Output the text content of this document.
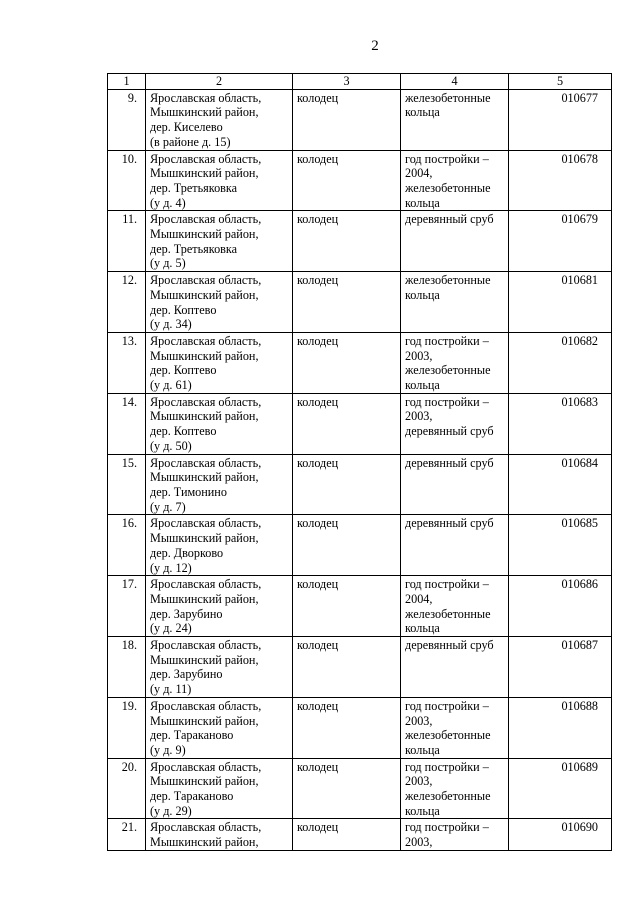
2
1	2	3	4	5
9.	Ярославская область,
Мышкинский район,
дер. Киселево
(в районе д. 15)	колодец	железобетонные
кольца	010677
10.	Ярославская область,
Мышкинский район,
дер. Третьяковка
(у д. 4)	колодец	год постройки –
2004,
железобетонные
кольца	010678
11.	Ярославская область,
Мышкинский район,
дер. Третьяковка
(у д. 5)	колодец	деревянный сруб	010679
12.	Ярославская область,
Мышкинский район,
дер. Коптево
(у д. 34)	колодец	железобетонные
кольца	010681
13.	Ярославская область,
Мышкинский район,
дер. Коптево
(у д. 61)	колодец	год постройки –
2003,
железобетонные
кольца	010682
14.	Ярославская область,
Мышкинский район,
дер. Коптево
(у д. 50)	колодец	год постройки –
2003,
деревянный сруб	010683
15.	Ярославская область,
Мышкинский район,
дер. Тимонино
(у д. 7)	колодец	деревянный сруб	010684
16.	Ярославская область,
Мышкинский район,
дер. Дворково
(у д. 12)	колодец	деревянный сруб	010685
17.	Ярославская область,
Мышкинский район,
дер. Зарубино
(у д. 24)	колодец	год постройки –
2004,
железобетонные
кольца	010686
18.	Ярославская область,
Мышкинский район,
дер. Зарубино
(у д. 11)	колодец	деревянный сруб	010687
19.	Ярославская область,
Мышкинский район,
дер. Тараканово
(у д. 9)	колодец	год постройки –
2003,
железобетонные
кольца	010688
20.	Ярославская область,
Мышкинский район,
дер. Тараканово
(у д. 29)	колодец	год постройки –
2003,
железобетонные
кольца	010689
21.	Ярославская область,
Мышкинский район,	колодец	год постройки –
2003,	010690
